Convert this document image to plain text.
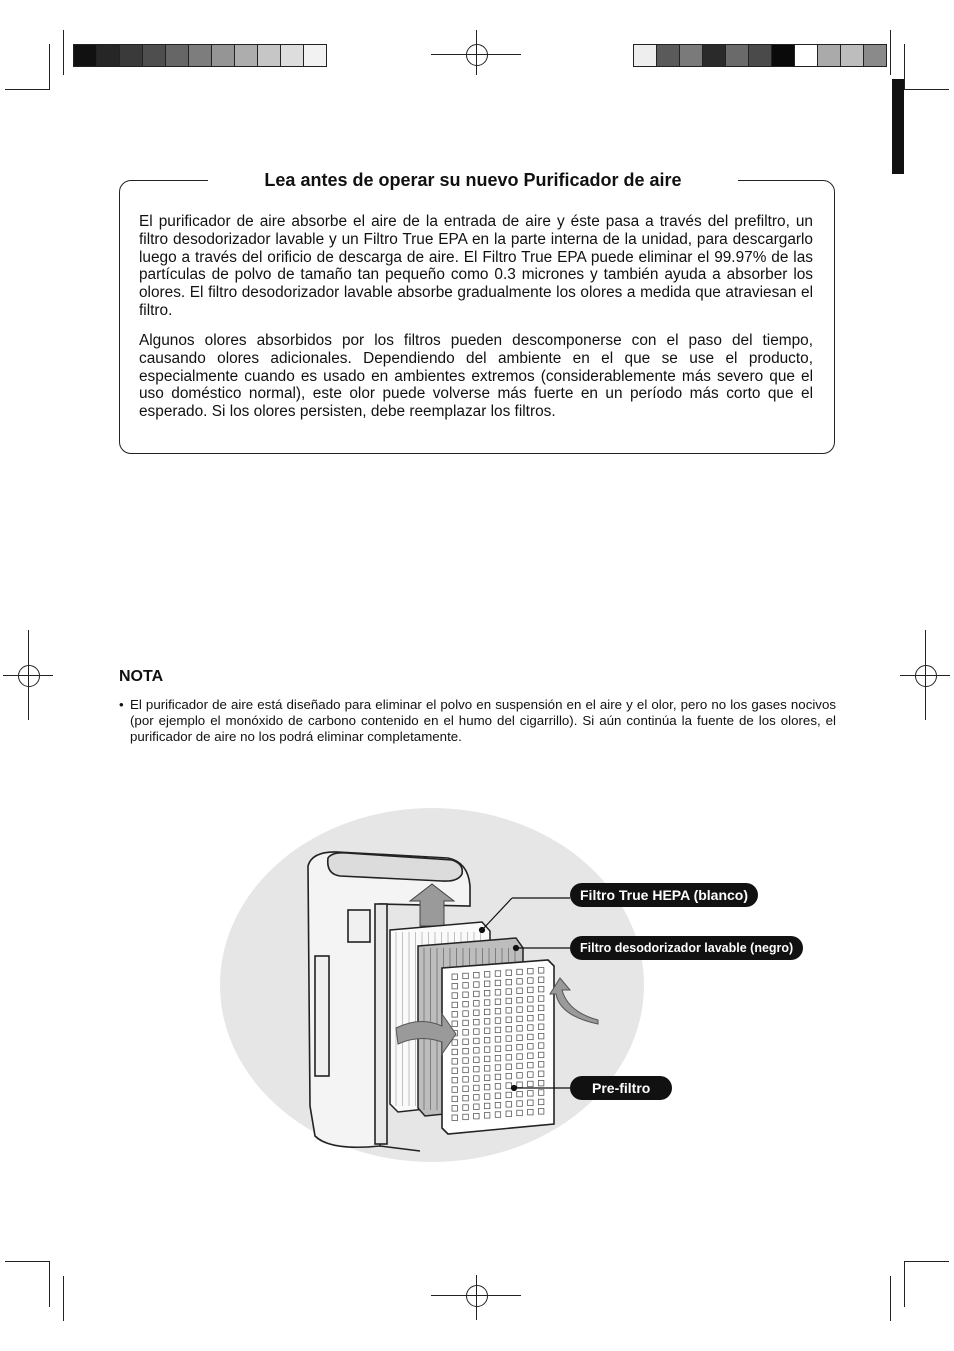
Lea antes de operar su nuevo Purificador de aire
El purificador de aire absorbe el aire de la entrada de aire y éste pasa a través del prefiltro, un filtro desodorizador lavable y un Filtro True EPA en la parte interna de la unidad, para descargarlo luego a través del orificio de descarga de aire. El Filtro True EPA puede eliminar el 99.97% de las partículas de polvo de tamaño tan pequeño como 0.3 micrones y también ayuda a absorber los olores. El filtro desodorizador lavable absorbe gradualmente los olores a medida que atraviesan el filtro.
Algunos olores absorbidos por los filtros pueden descomponerse con el paso del tiempo, causando olores adicionales. Dependiendo del ambiente en el que se use el producto, especialmente cuando es usado en ambientes extremos (considerablemente más severo que el uso doméstico normal), este olor puede volverse más fuerte en un período más corto que el esperado. Si los olores persisten, debe reemplazar los filtros.
NOTA
• El purificador de aire está diseñado para eliminar el polvo en suspensión en el aire y el olor, pero no los gases nocivos (por ejemplo el monóxido de carbono contenido en el humo del cigarrillo). Si aún continúa la fuente de los olores, el purificador de aire no los podrá eliminar completamente.
Filtro True HEPA (blanco)
Filtro desodorizador lavable (negro)
Pre-filtro
